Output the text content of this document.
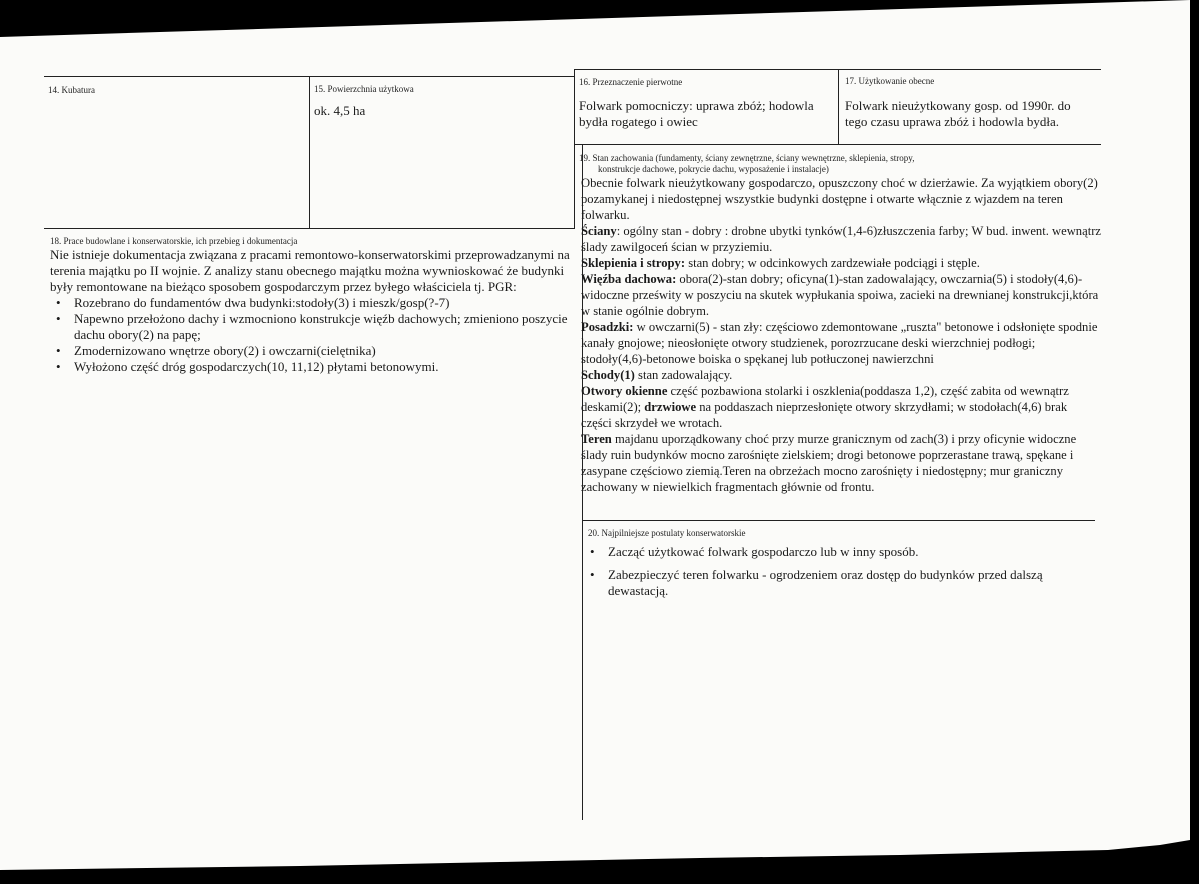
14. Kubatura	15. Powierzchnia użytkowa
ok. 4,5 ha
16. Przeznaczenie pierwotne
Folwark pomocniczy: uprawa zbóż; hodowla bydła rogatego i owiec
17. Użytkowanie obecne
Folwark nieużytkowany gosp. od 1990r. do tego czasu uprawa zbóż i hodowla bydła.
18. Prace budowlane i konserwatorskie, ich przebieg i dokumentacja

Nie istnieje dokumentacja związana z pracami remontowo-konserwatorskimi przeprowadzanymi na terenia majątku po II wojnie. Z analizy stanu obecnego majątku można wywnioskować że budynki były remontowane na bieżąco sposobem gospodarczym przez byłego właściciela tj. PGR:

• Rozebrano do fundamentów dwa budynki:stodoły(3) i mieszk/gosp(?-7)
• Napewno przełożono dachy i wzmocniono konstrukcje więźb dachowych; zmieniono poszycie dachu obory(2) na papę;
• Zmodernizowano wnętrze obory(2) i owczarni(cielętnika)
• Wyłożono część dróg gospodarczych(10, 11,12) płytami betonowymi.
19. Stan zachowania (fundamenty, ściany zewnętrzne, ściany wewnętrzne, sklepienia, stropy,
konstrukcje dachowe, pokrycie dachu, wyposażenie i instalacje)

Obecnie folwark nieużytkowany gospodarczo, opuszczony choć w dzierżawie. Za wyjątkiem obory(2) pozamykanej i niedostępnej wszystkie budynki dostępne i otwarte włącznie z wjazdem na teren folwarku.

Ściany: ogólny stan - dobry : drobne ubytki tynków(1,4-6)złuszczenia farby; W bud. inwent. wewnątrz ślady zawilgoceń ścian w przyziemiu.

Sklepienia i stropy: stan dobry; w odcinkowych zardzewiałe podciągi i stęple.

Więźba dachowa: obora(2)-stan dobry; oficyna(1)-stan zadowalający, owczarnia(5) i stodoły(4,6)- widoczne prześwity w poszyciu na skutek wypłukania spoiwa, zacieki na drewnianej konstrukcji,która w stanie ogólnie dobrym.

Posadzki: w owczarni(5) - stan zły: częściowo zdemontowane „ruszta" betonowe i odsłonięte spodnie kanały gnojowe; nieosłonięte otwory studzienek, porozrzucane deski wierzchniej podłogi; stodoły(4,6)-betonowe boiska o spękanej lub potłuczonej nawierzchni

Schody(1) stan zadowalający.

Otwory okienne część pozbawiona stolarki i oszklenia(poddasza 1,2), część zabita od wewnątrz deskami(2); drzwiowe na poddaszach nieprzesłonięte otwory skrzydłami; w stodołach(4,6) brak części skrzydeł we wrotach.

Teren majdanu uporządkowany choć przy murze granicznym od zach(3) i przy oficynie widoczne ślady ruin budynków mocno zarośnięte zielskiem; drogi betonowe poprzerastane trawą, spękane i zasypane częściowo ziemią.Teren na obrzeżach mocno zarośnięty i niedostępny; mur graniczny zachowany w niewielkich fragmentach głównie od frontu.

20. Najpilniejsze postulaty konserwatorskie
• Zacząć użytkować folwark gospodarczo lub w inny sposób.
• Zabezpieczyć teren folwarku - ogrodzeniem oraz dostęp do budynków przed dalszą dewastacją.
